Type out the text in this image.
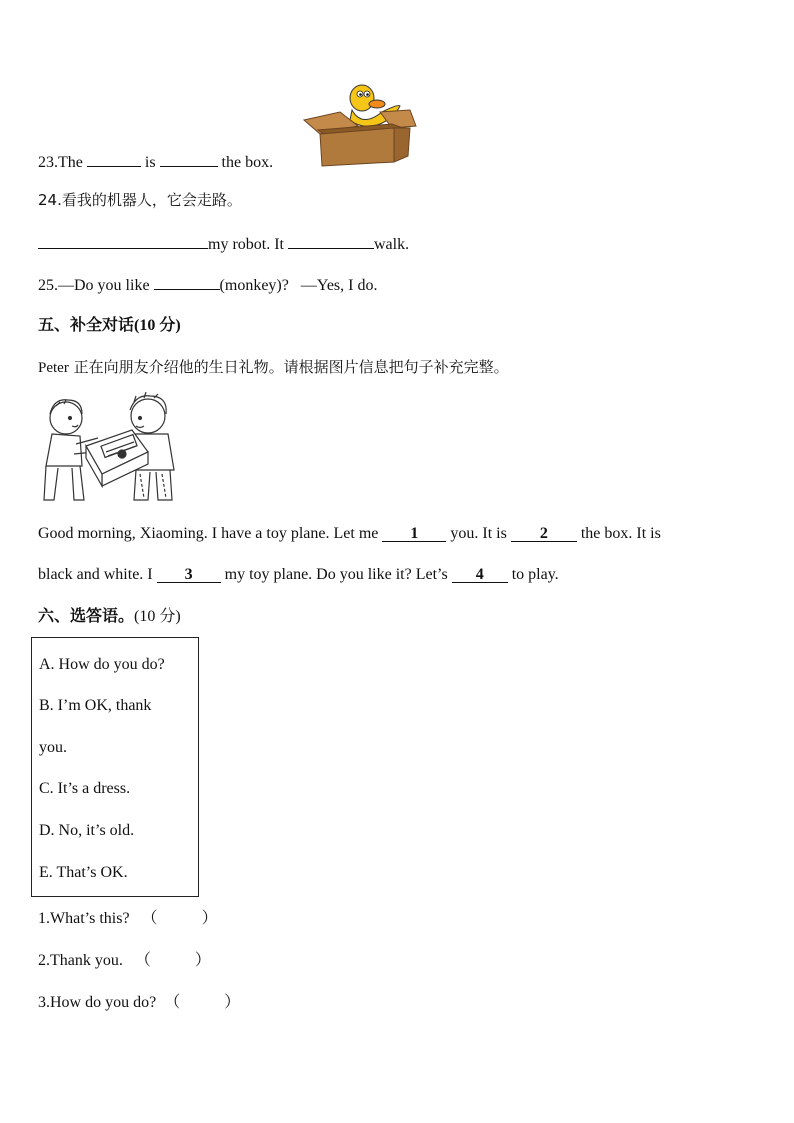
23.The	is	the box.
24.看我的机器人，它会走路。
my robot. It	walk.
25.—Do you like	(monkey)? —Yes, I do.
五、补全对话(10 分)
Peter 正在向朋友介绍他的生日礼物。请根据图片信息把句子补充完整。
Good morning, Xiaoming. I have a toy plane. Let me 1 you. It is 2 the box. It is
black and white. I 3 my toy plane. Do you like it? Let’s 4 to play.
六、选答语。(10 分)
A. How do you do?
B. I’m OK, thank
you.
C. It’s a dress.
D. No, it’s old.
E. That’s OK.
1.What’s this? （	）
2.Thank you. （	）
3.How do you do? （	）
